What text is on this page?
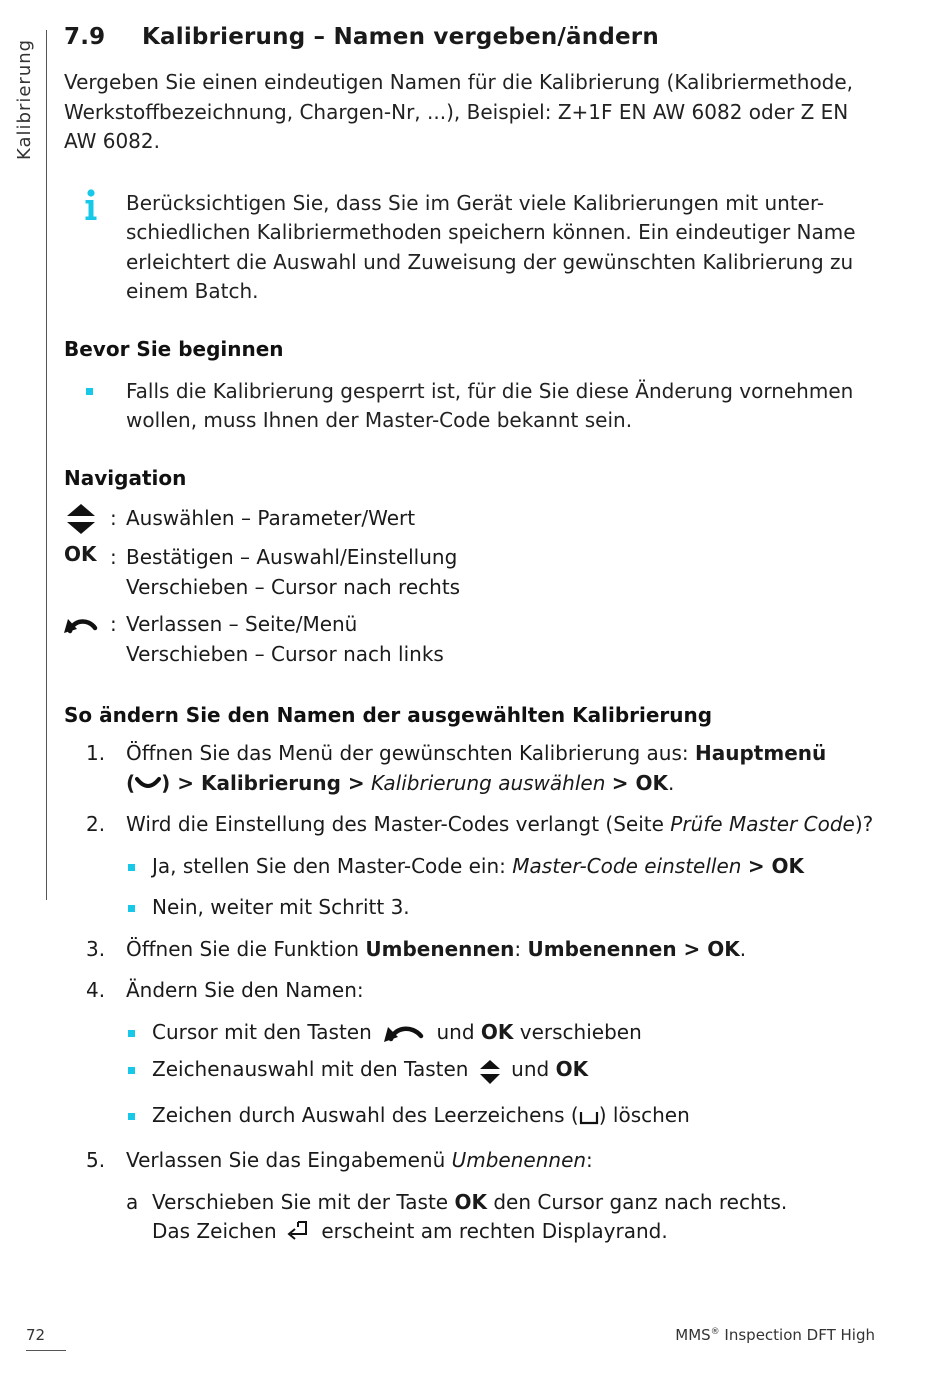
Kalibrierung
7.9	Kalibrierung – Namen vergeben/ändern

Vergeben Sie einen eindeutigen Namen für die Kalibrierung (Kalibriermethode, Werkstoffbezeichnung, Chargen-Nr, ...), Beispiel: Z+1F EN AW 6082 oder Z EN AW 6082.

Berücksichtigen Sie, dass Sie im Gerät viele Kalibrierungen mit unter-schiedlichen Kalibriermethoden speichern können. Ein eindeutiger Name erleichtert die Auswahl und Zuweisung der gewünschten Kalibrierung zu einem Batch.

Bevor Sie beginnen

Falls die Kalibrierung gesperrt ist, für die Sie diese Änderung vornehmen wollen, muss Ihnen der Master-Code bekannt sein.

Navigation
: Auswählen – Parameter/Wert
OK : Bestätigen – Auswahl/Einstellung
Verschieben – Cursor nach rechts
: Verlassen – Seite/Menü
Verschieben – Cursor nach links
So ändern Sie den Namen der ausgewählten Kalibrierung
1.	Öffnen Sie das Menü der gewünschten Kalibrierung aus: Hauptmenü
( ) > Kalibrierung > Kalibrierung auswählen > OK.
2.	Wird die Einstellung des Master-Codes verlangt (Seite Prüfe Master Code)?
Ja, stellen Sie den Master-Code ein: Master-Code einstellen > OK
Nein, weiter mit Schritt 3.
3.	Öffnen Sie die Funktion Umbenennen: Umbenennen > OK.
4.	Ändern Sie den Namen:
Cursor mit den Tasten	und OK verschieben
Zeichenauswahl mit den Tasten und OK
Zeichen durch Auswahl des Leerzeichens ( ) löschen
5.	Verlassen Sie das Eingabemenü Umbenennen:
a Verschieben Sie mit der Taste OK den Cursor ganz nach rechts.
Das Zeichen erscheint am rechten Displayrand.
72	MMS® Inspection DFT High
